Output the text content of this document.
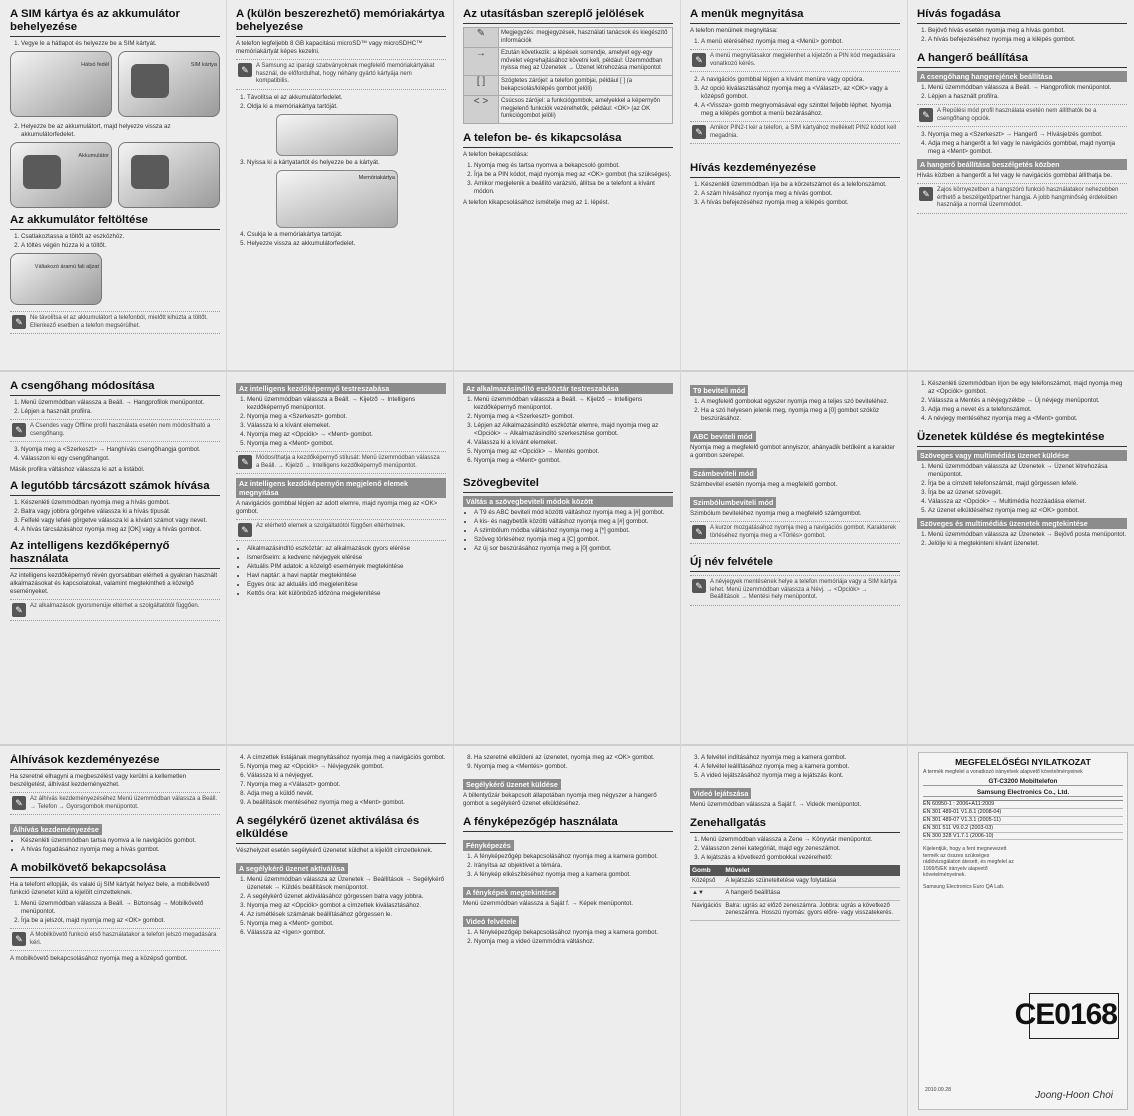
A SIM kártya és az akkumulátor behelyezése
1. Vegye le a hátlapot és helyezze be a SIM kártyát.
Hátsó fedél	SIM kártya
2. Helyezze be az akkumulátort, majd helyezze vissza az akkumulátorfedelet.
Akkumulátor
Az akkumulátor feltöltése
1. Csatlakoztassa a töltőt az eszközhöz.
2. A töltés végén húzza ki a töltőt.
Váltakozó áramú fali aljzat
✎	Ne távolítsa el az akkumulátort a telefonból, mielőtt kihúzta a töltőt. Ellenkező esetben a telefon megsérülhet.
A (külön beszerezhető) memóriakártya behelyezése

A telefon legfeljebb 8 GB kapacitású microSD™ vagy microSDHC™ memóriakártyát képes kezelni.

✎	A Samsung az iparági szabványoknak megfelelő memóriakártyákat használ, de előfordulhat, hogy néhány gyártó kártyája nem kompatibilis.
1. Távolítsa el az akkumulátorfedelet.
2. Oldja ki a memóriakártya tartóját.
3. Nyissa ki a kártyatartót és helyezze be a kártyát.
Memóriakártya
4. Csukja le a memóriakártya tartóját.
5. Helyezze vissza az akkumulátorfedelet.
Az utasításban szereplő jelölések
✎	Megjegyzés: megjegyzések, használati tanácsok és kiegészítő információk
→	Ezután következik: a lépések sorrendje, amelyet egy-egy művelet végrehajtásához követni kell, például: Üzemmódban nyissa meg az Üzenetek → Üzenet létrehozása menüpontot
[ ]	Szögletes zárójel: a telefon gombjai, például [ ] (a bekapcsolás/kilépés gombot jelöli)
< >	Csúcsos zárójel: a funkciógombok, amelyekkel a képernyőn megjelenő funkciók vezérelhetők, például: <OK> (az OK funkciógombot jelöli)
A telefon be- és kikapcsolása

A telefon bekapcsolása:

1. Nyomja meg és tartsa nyomva a bekapcsoló gombot.
2. Írja be a PIN kódot, majd nyomja meg az <OK> gombot (ha szükséges).
3. Amikor megjelenik a beállító varázsló, állítsa be a telefont a kívánt módon.

A telefon kikapcsolásához ismételje meg az 1. lépést.

A menük megnyitása

A telefon menüinek megnyitása:

1. A menü eléréséhez nyomja meg a <Menü> gombot.
✎	A menü megnyitásakor megjelenhet a kijelzőn a PIN kód megadására vonatkozó kérés.
2. A navigációs gombbal lépjen a kívánt menüre vagy opcióra.
3. Az opció kiválasztásához nyomja meg a <Választ>, az <OK> vagy a középső gombot.
4. A <Vissza> gomb megnyomásával egy szinttel feljebb léphet. Nyomja meg a kilépés gombot a menü bezárásához.
✎	Amikor PIN2-t kér a telefon, a SIM kártyához mellékelt PIN2 kódot kell megadnia.
Hívás kezdeményezése
1. Készenléti üzemmódban írja be a körzetszámot és a telefonszámot.
2. A szám hívásához nyomja meg a hívás gombot.
3. A hívás befejezéséhez nyomja meg a kilépés gombot.
Hívás fogadása
1. Bejövő hívás esetén nyomja meg a hívás gombot.
2. A hívás befejezéséhez nyomja meg a kilépés gombot.
A hangerő beállítása
A csengőhang hangerejének beállítása
1. Menü üzemmódban válassza a Beáll. → Hangprofilok menüpontot.
2. Lépjen a használt profilra.
✎	A Repülési mód profil használata esetén nem állíthatók be a csengőhang opciók.
3. Nyomja meg a <Szerkeszt> → Hangerő → Hívásjelzés gombot.
4. Adja meg a hangerőt a fel vagy le navigációs gombbal, majd nyomja meg a <Ment> gombot.
A hangerő beállítása beszélgetés közben

Hívás közben a hangerőt a fel vagy le navigációs gombbal állíthatja be.

✎	Zajos környezetben a hangszóró funkció használatakor nehezebben érthető a beszélgetőpartner hangja. A jobb hangminőség érdekében használja a normál üzemmódot.
A csengőhang módosítása
1. Menü üzemmódban válassza a Beáll. → Hangprofilok menüpontot.
2. Lépjen a használt profilra.
✎	A Csendes vagy Offline profil használata esetén nem módosítható a csengőhang.
3. Nyomja meg a <Szerkeszt> → Hanghívás csengőhangja gombot.
4. Válasszon ki egy csengőhangot.

Másik profilra váltáshoz válassza ki azt a listából.

A legutóbb tárcsázott számok hívása
1. Készenléti üzemmódban nyomja meg a hívás gombot.
2. Balra vagy jobbra görgetve válassza ki a hívás típusát.
3. Felfelé vagy lefelé görgetve válassza ki a kívánt számot vagy nevet.
4. A hívás tárcsázásához nyomja meg az [OK] vagy a hívás gombot.
Az intelligens kezdőképernyő használata

Az intelligens kezdőképernyő révén gyorsabban elérheti a gyakran használt alkalmazásokat és kapcsolatokat, valamint megtekintheti a közelgő eseményeket.

✎	Az alkalmazások gyorsmenüje eltérhet a szolgáltatótól függően.
Az intelligens kezdőképernyő testreszabása
1. Menü üzemmódban válassza a Beáll. → Kijelző → Intelligens kezdőképernyő menüpontot.
2. Nyomja meg a <Szerkeszt> gombot.
3. Válassza ki a kívánt elemeket.
4. Nyomja meg az <Opciók> → <Ment> gombot.
5. Nyomja meg a <Ment> gombot.
✎	Módosíthatja a kezdőképernyő stílusát: Menü üzemmódban válassza a Beáll. → Kijelző → Intelligens kezdőképernyő menüpontot.
Az intelligens kezdőképernyőn megjelenő elemek megnyitása

A navigációs gombbal lépjen az adott elemre, majd nyomja meg az <OK> gombot.

✎	Az elérhető elemek a szolgáltatótól függően eltérhetnek.
• Alkalmazásindító eszköztár: az alkalmazások gyors elérése
• Ismerőseim: a kedvenc névjegyek elérése
• Aktuális PIM adatok: a közelgő események megtekintése
• Havi naptár: a havi naptár megtekintése
• Egyes óra: az aktuális idő megjelenítése
• Kettős óra: két különböző időzóna megjelenítése
Az alkalmazásindító eszköztár testreszabása
1. Menü üzemmódban válassza a Beáll. → Kijelző → Intelligens kezdőképernyő menüpontot.
2. Nyomja meg a <Szerkeszt> gombot.
3. Lépjen az Alkalmazásindító eszköztár elemre, majd nyomja meg az <Opciók> → Alkalmazásindító szerkesztése gombot.
4. Válassza ki a kívánt elemeket.
5. Nyomja meg az <Opciók> → Mentés gombot.
6. Nyomja meg a <Ment> gombot.
Szövegbevitel
Váltás a szövegbeviteli módok között
• A T9 és ABC beviteli mód közötti váltáshoz nyomja meg a [#] gombot.
• A kis- és nagybetűk közötti váltáshoz nyomja meg a [#] gombot.
• A szimbólum módba váltáshoz nyomja meg a [*] gombot.
• Szöveg törléséhez nyomja meg a [C] gombot.
• Az új sor beszúrásához nyomja meg a [0] gombot.
T9 beviteli mód
1. A megfelelő gombokat egyszer nyomja meg a teljes szó beviteléhez.
2. Ha a szó helyesen jelenik meg, nyomja meg a [0] gombot szóköz beszúrásához.
ABC beviteli mód

Nyomja meg a megfelelő gombot annyiszor, ahányadik betűként a karakter a gombon szerepel.

Számbeviteli mód

Számbevitel esetén nyomja meg a megfelelő gombot.

Szimbólumbeviteli mód

Szimbólum beviteléhez nyomja meg a megfelelő számgombot.

✎	A kurzor mozgatásához nyomja meg a navigációs gombot. Karakterek törléséhez nyomja meg a <Törlés> gombot.
Új név felvétele
✎	A névjegyek mentésének helye a telefon memóriája vagy a SIM kártya lehet. Menü üzemmódban válassza a Névj. → <Opciók> → Beállítások → Mentési hely menüpontot.
1. Készenléti üzemmódban írjon be egy telefonszámot, majd nyomja meg az <Opciók> gombot.
2. Válassza a Mentés a névjegyzékbe → Új névjegy menüpontot.
3. Adja meg a nevet és a telefonszámot.
4. A névjegy mentéséhez nyomja meg a <Ment> gombot.
Üzenetek küldése és megtekintése
Szöveges vagy multimédiás üzenet küldése
1. Menü üzemmódban válassza az Üzenetek → Üzenet létrehozása menüpontot.
2. Írja be a címzett telefonszámát, majd görgessen lefelé.
3. Írja be az üzenet szövegét.
4. Válassza az <Opciók> → Multimédia hozzáadása elemet.
5. Az üzenet elküldéséhez nyomja meg az <OK> gombot.
Szöveges és multimédiás üzenetek megtekintése
1. Menü üzemmódban válassza az Üzenetek → Bejövő posta menüpontot.
2. Jelölje ki a megtekinteni kívánt üzenetet.
Álhívások kezdeményezése

Ha szeretné elhagyni a megbeszélést vagy kerülni a kellemetlen beszélgetést, álhívást kezdeményezhet.

✎	Az álhívás kezdeményezéséhez Menü üzemmódban válassza a Beáll. → Telefon → Gyorsgombok menüpontot.
Álhívás kezdeményezése
• Készenléti üzemmódban tartsa nyomva a le navigációs gombot.
• A hívás fogadásához nyomja meg a hívás gombot.
A mobilkövető bekapcsolása

Ha a telefont ellopják, és valaki új SIM kártyát helyez bele, a mobilkövető funkció üzenetet küld a kijelölt címzetteknek.

1. Menü üzemmódban válassza a Beáll. → Biztonság → Mobilkövető menüpontot.
2. Írja be a jelszót, majd nyomja meg az <OK> gombot.
✎	A Mobilkövető funkció első használatakor a telefon jelszó megadására kéri.

A mobilkövető bekapcsolásához nyomja meg a középső gombot.

4. A címzettek listájának megnyitásához nyomja meg a navigációs gombot.
5. Nyomja meg az <Opciók> → Névjegyzék gombot.
6. Válassza ki a névjegyet.
7. Nyomja meg a <Választ> gombot.
8. Adja meg a küldő nevét.
9. A beállítások mentéséhez nyomja meg a <Ment> gombot.
A segélykérő üzenet aktiválása és elküldése

Vészhelyzet esetén segélykérő üzenetet küldhet a kijelölt címzetteknek.

A segélykérő üzenet aktiválása
1. Menü üzemmódban válassza az Üzenetek → Beállítások → Segélykérő üzenetek → Küldés beállítások menüpontot.
2. A segélykérő üzenet aktiválásához görgessen balra vagy jobbra.
3. Nyomja meg az <Opciók> gombot a címzettek kiválasztásához.
4. Az ismétlések számának beállításához görgessen le.
5. Nyomja meg a <Ment> gombot.
6. Válassza az <Igen> gombot.
8. Ha szeretné elküldeni az üzenetet, nyomja meg az <OK> gombot.
9. Nyomja meg a <Mentés> gombot.
Segélykérő üzenet küldése

A billentyűzár bekapcsolt állapotában nyomja meg négyszer a hangerő gombot a segélykérő üzenet elküldéséhez.

A fényképezőgép használata
Fényképezés
1. A fényképezőgép bekapcsolásához nyomja meg a kamera gombot.
2. Irányítsa az objektívet a témára.
3. A fénykép elkészítéséhez nyomja meg a kamera gombot.
A fényképek megtekintése

Menü üzemmódban válassza a Saját f. → Képek menüpontot.

Videó felvétele
1. A fényképezőgép bekapcsolásához nyomja meg a kamera gombot.
2. Nyomja meg a videó üzemmódra váltáshoz.
3. A felvétel indításához nyomja meg a kamera gombot.
4. A felvétel leállításához nyomja meg a kamera gombot.
5. A videó lejátszásához nyomja meg a lejátszás ikont.
Videó lejátszása

Menü üzemmódban válassza a Saját f. → Videók menüpontot.

Zenehallgatás
1. Menü üzemmódban válassza a Zene → Könyvtár menüpontot.
2. Válasszon zenei kategóriát, majd egy zeneszámot.
3. A lejátszás a következő gombokkal vezérelhető:
Gomb	Művelet
Középső	A lejátszás szüneteltetése vagy folytatása
▲▼	A hangerő beállítása
Navigációs	Balra: ugrás az előző zeneszámra. Jobbra: ugrás a következő zeneszámra. Hosszú nyomás: gyors előre- vagy visszatekerés.
MEGFELELŐSÉGI NYILATKOZAT
A termék megfelel a vonatkozó irányelvek alapvető követelményeinek
GT-C3200 Mobiltelefon
Samsung Electronics Co., Ltd.
EN 60950-1 : 2006+A11:2009
EN 301 489-01 V1.8.1 (2008-04)
EN 301 489-07 V1.3.1 (2005-11)
EN 301 511 V9.0.2 (2003-03)
EN 300 328 V1.7.1 (2006-10)
Kijelentjük, hogy a fent megnevezett termék az összes szükséges rádióvizsgálaton átesett, és megfelel az 1999/5/EK irányelv alapvető követelményeinek.
Samsung Electronics Euro QA Lab.
CE0168
2010.09.28	Joong-Hoon Choi
